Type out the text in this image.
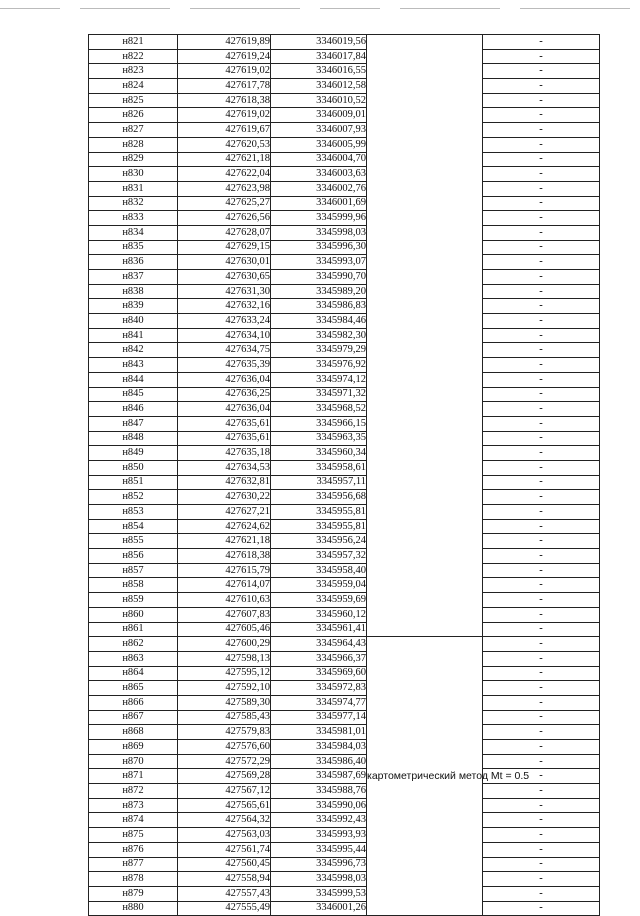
н821	427619,89	3346019,56		-
н822	427619,24	3346017,84		-
н823	427619,02	3346016,55		-
н824	427617,78	3346012,58		-
н825	427618,38	3346010,52		-
н826	427619,02	3346009,01		-
н827	427619,67	3346007,93		-
н828	427620,53	3346005,99		-
н829	427621,18	3346004,70		-
н830	427622,04	3346003,63		-
н831	427623,98	3346002,76		-
н832	427625,27	3346001,69		-
н833	427626,56	3345999,96		-
н834	427628,07	3345998,03		-
н835	427629,15	3345996,30		-
н836	427630,01	3345993,07		-
н837	427630,65	3345990,70		-
н838	427631,30	3345989,20		-
н839	427632,16	3345986,83		-
н840	427633,24	3345984,46		-
н841	427634,10	3345982,30		-
н842	427634,75	3345979,29		-
н843	427635,39	3345976,92		-
н844	427636,04	3345974,12		-
н845	427636,25	3345971,32		-
н846	427636,04	3345968,52		-
н847	427635,61	3345966,15		-
н848	427635,61	3345963,35		-
н849	427635,18	3345960,34		-
н850	427634,53	3345958,61		-
н851	427632,81	3345957,11		-
н852	427630,22	3345956,68		-
н853	427627,21	3345955,81		-
н854	427624,62	3345955,81		-
н855	427621,18	3345956,24		-
н856	427618,38	3345957,32		-
н857	427615,79	3345958,40		-
н858	427614,07	3345959,04		-
н859	427610,63	3345959,69		-
н860	427607,83	3345960,12		-
н861	427605,46	3345961,41		-
н862	427600,29	3345964,43	картометрический метод Mt = 0.5	-
н863	427598,13	3345966,37		-
н864	427595,12	3345969,60		-
н865	427592,10	3345972,83		-
н866	427589,30	3345974,77		-
н867	427585,43	3345977,14		-
н868	427579,83	3345981,01		-
н869	427576,60	3345984,03		-
н870	427572,29	3345986,40		-
н871	427569,28	3345987,69		-
н872	427567,12	3345988,76		-
н873	427565,61	3345990,06		-
н874	427564,32	3345992,43		-
н875	427563,03	3345993,93		-
н876	427561,74	3345995,44		-
н877	427560,45	3345996,73		-
н878	427558,94	3345998,03		-
н879	427557,43	3345999,53		-
н880	427555,49	3346001,26		-
